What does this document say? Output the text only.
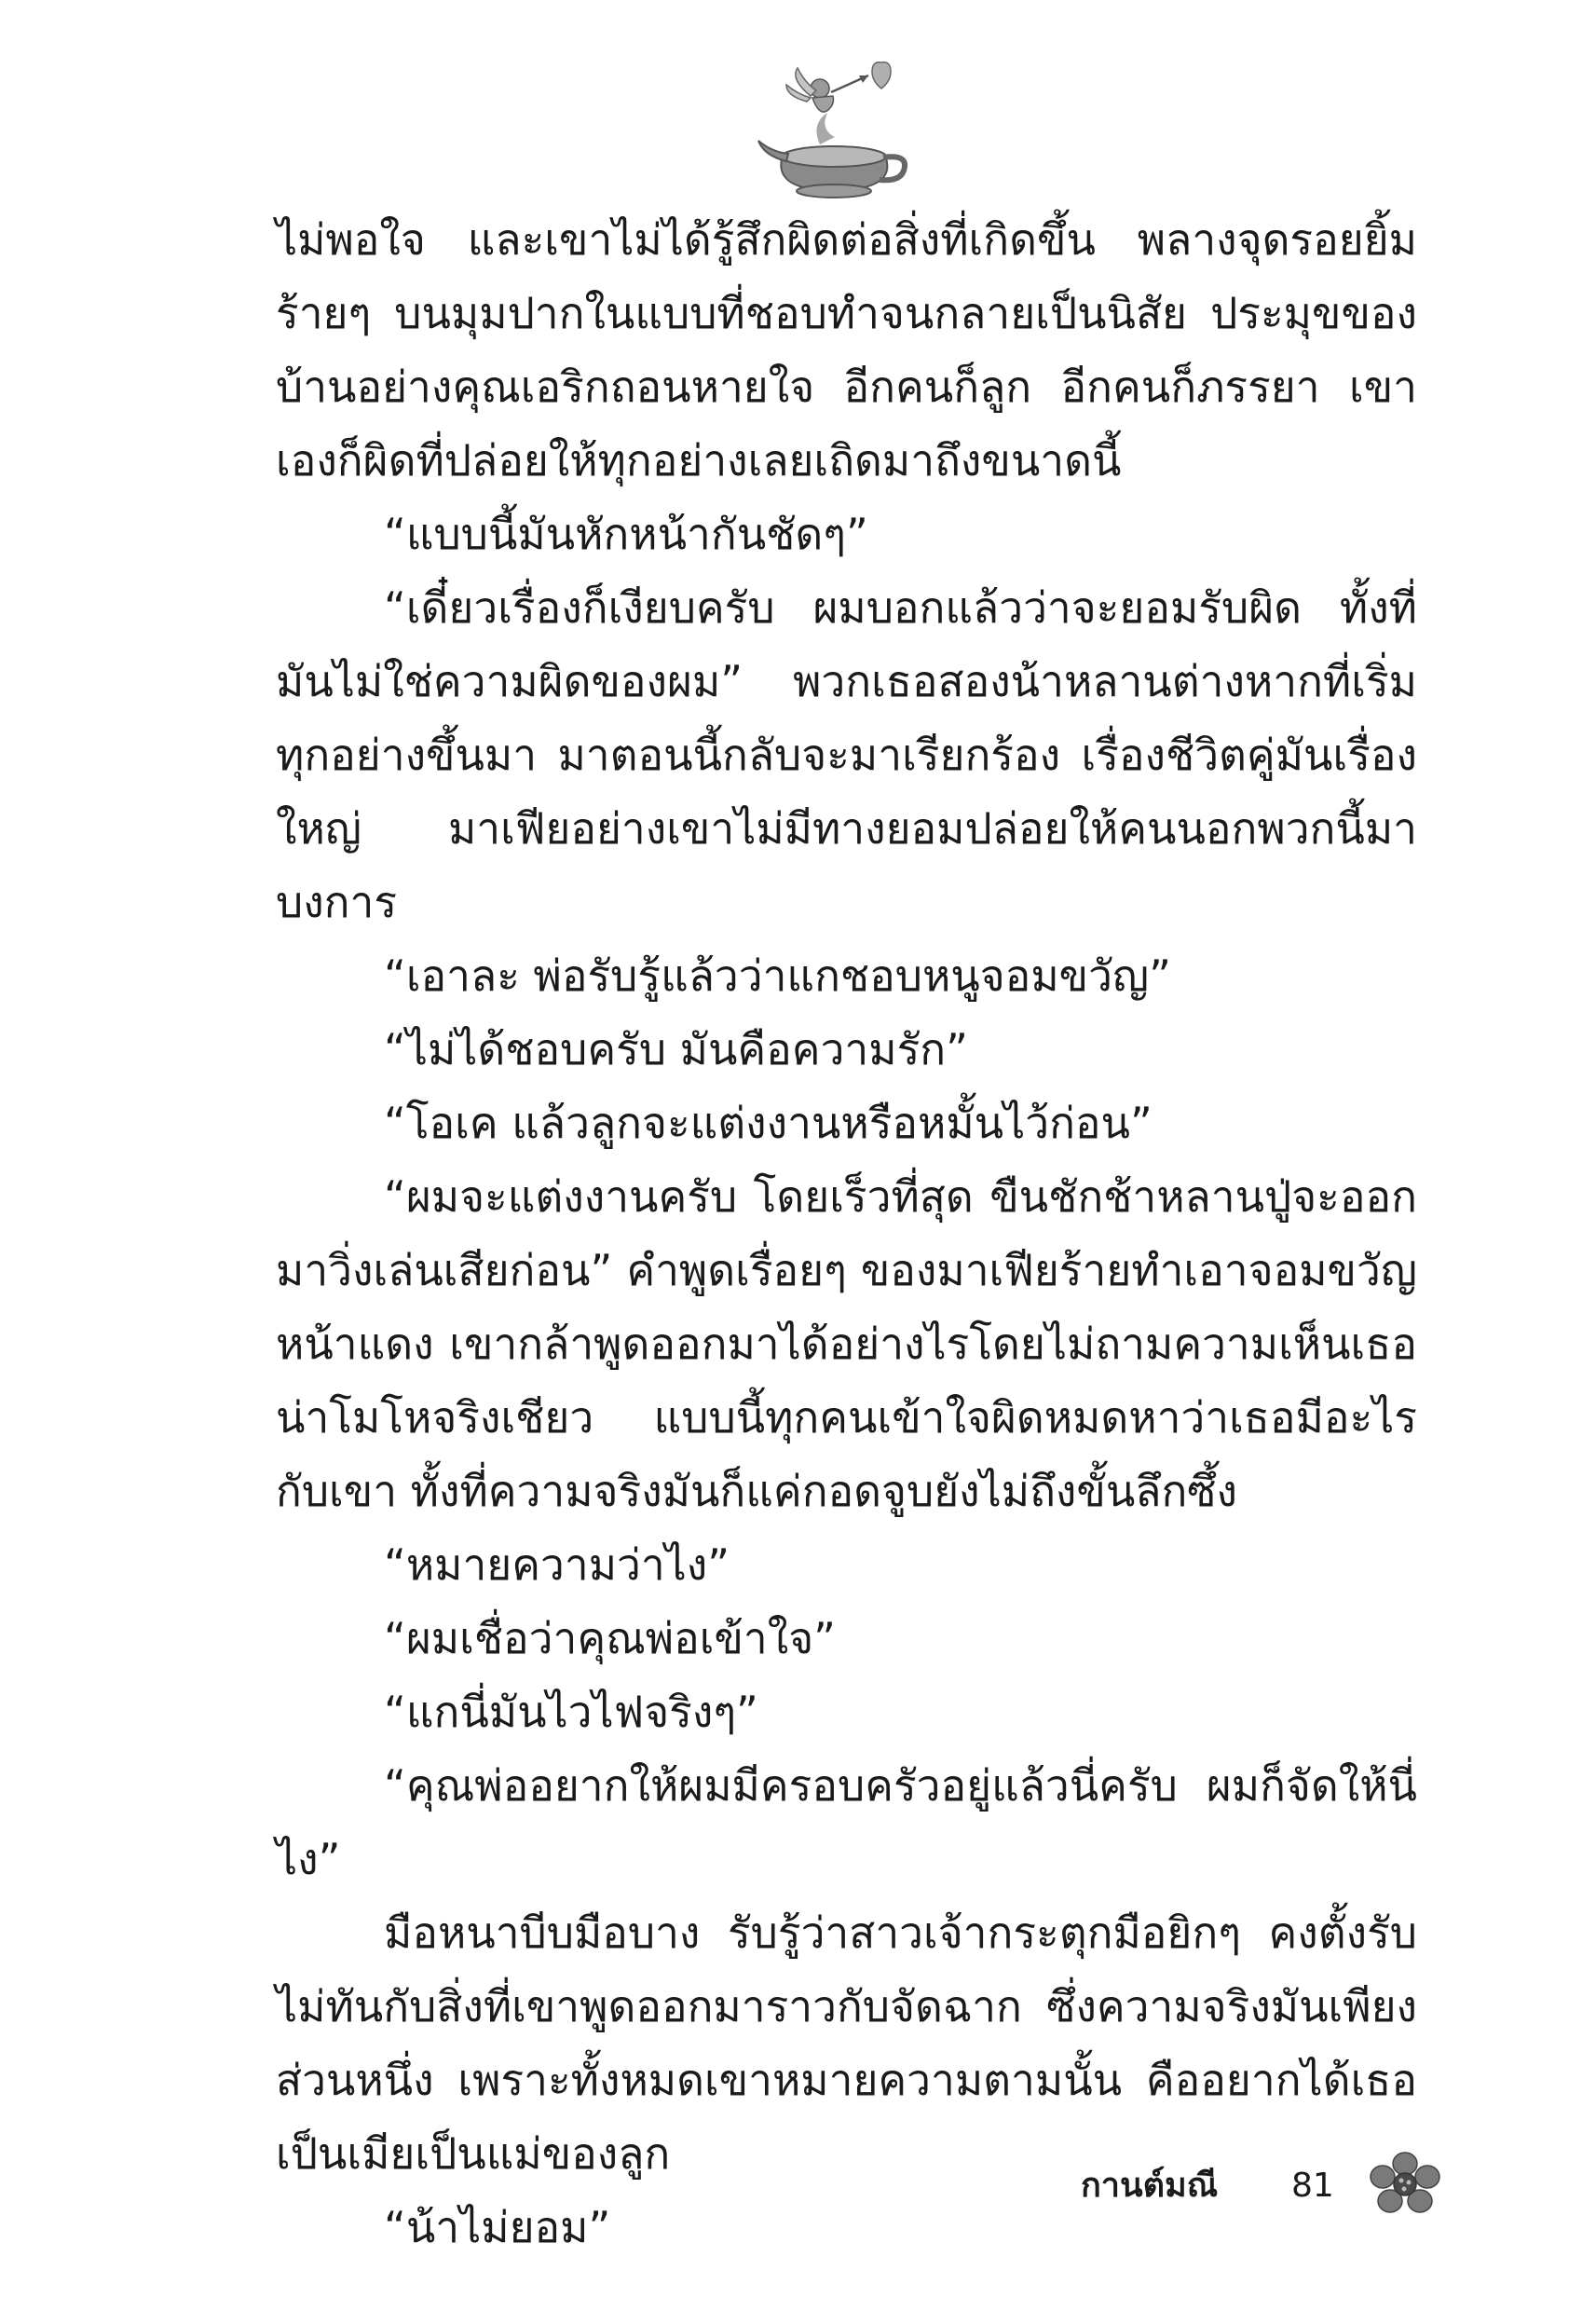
ไม่พอใจ และเขาไม่ได้รู้สึกผิดต่อสิ่งที่เกิดขึ้น พลางจุดรอยยิ้มร้ายๆ บนมุมปากในแบบที่ชอบทำจนกลายเป็นนิสัย ประมุขของบ้านอย่างคุณเอริกถอนหายใจ อีกคนก็ลูก อีกคนก็ภรรยา เขาเองก็ผิดที่ปล่อยให้ทุกอย่างเลยเถิดมาถึงขนาดนี้

“แบบนี้มันหักหน้ากันชัดๆ”

“เดี๋ยวเรื่องก็เงียบครับ ผมบอกแล้วว่าจะยอมรับผิด ทั้งที่มันไม่ใช่ความผิดของผม” พวกเธอสองน้าหลานต่างหากที่เริ่มทุกอย่างขึ้นมา มาตอนนี้กลับจะมาเรียกร้อง เรื่องชีวิตคู่มันเรื่องใหญ่ มาเฟียอย่างเขาไม่มีทางยอมปล่อยให้คนนอกพวกนี้มาบงการ

“เอาละ พ่อรับรู้แล้วว่าแกชอบหนูจอมขวัญ”

“ไม่ได้ชอบครับ มันคือความรัก”

“โอเค แล้วลูกจะแต่งงานหรือหมั้นไว้ก่อน”

“ผมจะแต่งงานครับ โดยเร็วที่สุด ขืนชักช้าหลานปู่จะออกมาวิ่งเล่นเสียก่อน” คำพูดเรื่อยๆ ของมาเฟียร้ายทำเอาจอมขวัญหน้าแดง เขากล้าพูดออกมาได้อย่างไรโดยไม่ถามความเห็นเธอ น่าโมโหจริงเชียว แบบนี้ทุกคนเข้าใจผิดหมดหาว่าเธอมีอะไรกับเขา ทั้งที่ความจริงมันก็แค่กอดจูบยังไม่ถึงขั้นลึกซึ้ง

“หมายความว่าไง”

“ผมเชื่อว่าคุณพ่อเข้าใจ”

“แกนี่มันไวไฟจริงๆ”

“คุณพ่ออยากให้ผมมีครอบครัวอยู่แล้วนี่ครับ ผมก็จัดให้นี่ไง”

มือหนาบีบมือบาง รับรู้ว่าสาวเจ้ากระตุกมือยิกๆ คงตั้งรับไม่ทันกับสิ่งที่เขาพูดออกมาราวกับจัดฉาก ซึ่งความจริงมันเพียงส่วนหนึ่ง เพราะทั้งหมดเขาหมายความตามนั้น คืออยากได้เธอเป็นเมียเป็นแม่ของลูก

“น้าไม่ยอม”

กานต์มณี 81
